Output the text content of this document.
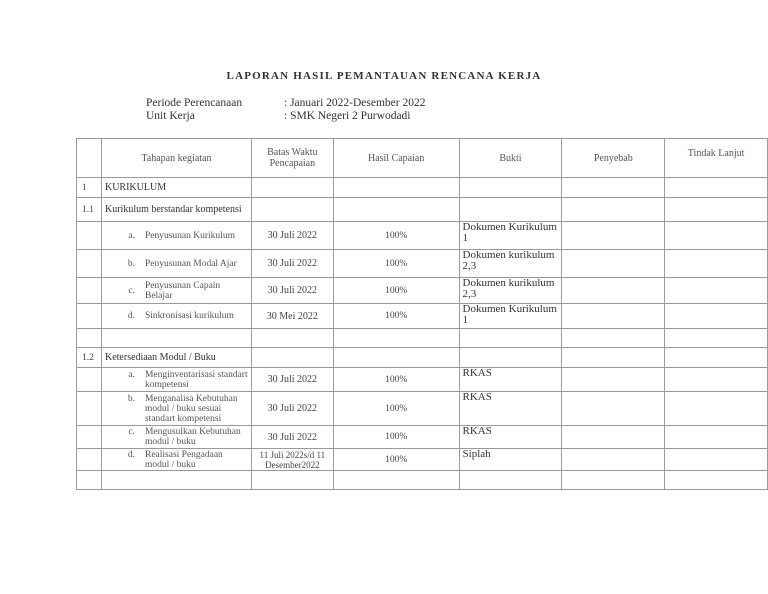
LAPORAN HASIL PEMANTAUAN RENCANA KERJA
Periode Perencanaan	: Januari 2022-Desember 2022
Unit Kerja	: SMK Negeri 2 Purwodadi
	Tahapan kegiatan	Batas Waktu Pencapaian	Hasil Capaian	Bukti	Penyebab	Tindak Lanjut
1	KURIKULUM					
1.1	Kurikulum berstandar kompetensi					

	a. Penyusunan Kurikulum	30 Juli 2022	100%	Dokumen Kurikulum 1		

	b. Penyusunan Modal Ajar	30 Juli 2022	100%	Dokumen kurikulum 2,3		

	c. Penyusunan Capain Belajar	30 Juli 2022	100%	Dokumen kurikulum 2,3		

	d. Sinkronisasi kurikulum	30 Mei 2022	100%	Dokumen Kurikulum 1		

1.2	Ketersediaan Modul / Buku					

	a. Menginventarisasi standart kompetensi	30 Juli 2022	100%	RKAS		

	b. Menganalisa Kebutuhan modul / buku sesuai standart kompetensi	30 Juli 2022	100%	RKAS		

	c. Mengusulkan Kebutuhan modul / buku	30 Juli 2022	100%	RKAS		

	d. Realisasi Pengadaan modul / buku	11 Juli 2022s/d 11 Desember2022	100%	Siplah		
